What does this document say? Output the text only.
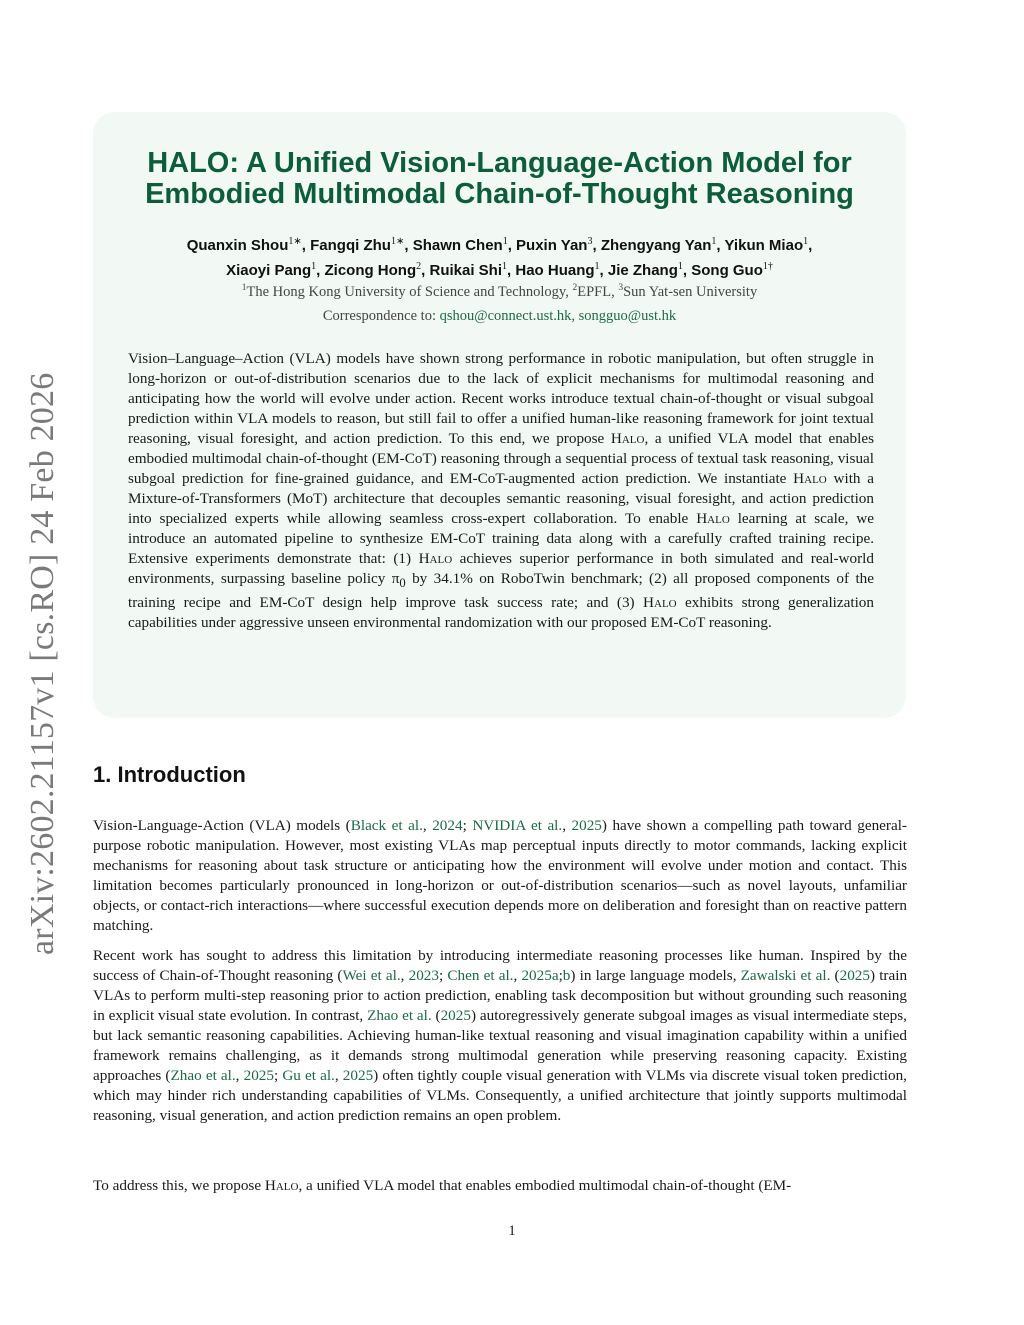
arXiv:2602.21157v1 [cs.RO] 24 Feb 2026
HALO: A Unified Vision-Language-Action Model for
Embodied Multimodal Chain-of-Thought Reasoning
Quanxin Shou$^{1∗}$, Fangqi Zhu$^{1∗}$, Shawn Chen$^1$, Puxin Yan$^3$, Zhengyang Yan$^1$, Yikun Miao$^1$,
Xiaoyi Pang$^1$, Zicong Hong$^2$, Ruikai Shi$^1$, Hao Huang$^1$, Jie Zhang$^1$, Song Guo$^{1\dagger}$
$^1$The Hong Kong University of Science and Technology, $^2$EPFL, $^3$Sun Yat-sen University
Correspondence to: qshou@connect.ust.hk, songguo@ust.hk

Vision–Language–Action (VLA) models have shown strong performance in robotic manipulation, but often struggle in long-horizon or out-of-distribution scenarios due to the lack of explicit mechanisms for multimodal reasoning and anticipating how the world will evolve under action. Recent works introduce textual chain-of-thought or visual subgoal prediction within VLA models to reason, but still fail to offer a unified human-like reasoning framework for joint textual reasoning, visual foresight, and action prediction. To this end, we propose Halo, a unified VLA model that enables embodied multimodal chain-of-thought (EM-CoT) reasoning through a sequential process of textual task reasoning, visual subgoal prediction for fine-grained guidance, and EM-CoT-augmented action prediction. We instantiate Halo with a Mixture-of-Transformers (MoT) architecture that decouples semantic reasoning, visual foresight, and action prediction into specialized experts while allowing seamless cross-expert collaboration. To enable Halo learning at scale, we introduce an automated pipeline to synthesize EM-CoT training data along with a carefully crafted training recipe. Extensive experiments demonstrate that: (1) Halo achieves superior performance in both simulated and real-world environments, surpassing baseline policy $\pi_0$ by 34.1% on RoboTwin benchmark; (2) all proposed components of the training recipe and EM-CoT design help improve task success rate; and (3) Halo exhibits strong generalization capabilities under aggressive unseen environmental randomization with our proposed EM-CoT reasoning.

1. Introduction

Vision-Language-Action (VLA) models (Black et al., 2024; NVIDIA et al., 2025) have shown a compelling path toward general-purpose robotic manipulation. However, most existing VLAs map perceptual inputs directly to motor commands, lacking explicit mechanisms for reasoning about task structure or anticipating how the environment will evolve under motion and contact. This limitation becomes particularly pronounced in long-horizon or out-of-distribution scenarios—such as novel layouts, unfamiliar objects, or contact-rich interactions—where successful execution depends more on deliberation and foresight than on reactive pattern matching.

Recent work has sought to address this limitation by introducing intermediate reasoning processes like human. Inspired by the success of Chain-of-Thought reasoning (Wei et al., 2023; Chen et al., 2025a;b) in large language models, Zawalski et al. (2025) train VLAs to perform multi-step reasoning prior to action prediction, enabling task decomposition but without grounding such reasoning in explicit visual state evolution. In contrast, Zhao et al. (2025) autoregressively generate subgoal images as visual intermediate steps, but lack semantic reasoning capabilities. Achieving human-like textual reasoning and visual imagination capability within a unified framework remains challenging, as it demands strong multimodal generation while preserving reasoning capacity. Existing approaches (Zhao et al., 2025; Gu et al., 2025) often tightly couple visual generation with VLMs via discrete visual token prediction, which may hinder rich understanding capabilities of VLMs. Consequently, a unified architecture that jointly supports multimodal reasoning, visual generation, and action prediction remains an open problem.

To address this, we propose Halo, a unified VLA model that enables embodied multimodal chain-of-thought (EM-

1
